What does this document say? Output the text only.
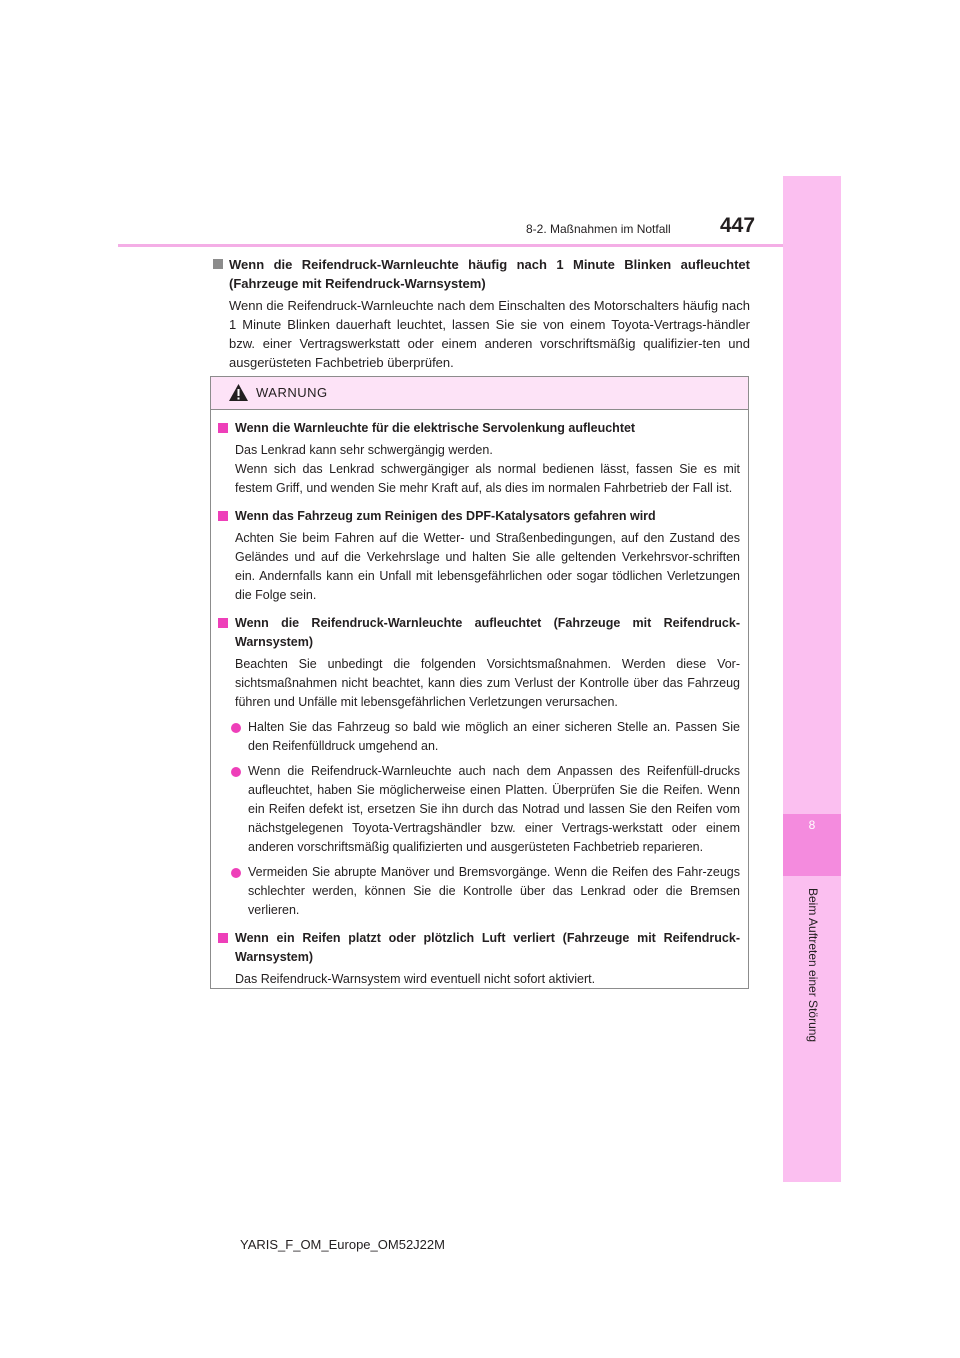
8
Beim Auftreten einer Störung
8-2. Maßnahmen im Notfall 447
Wenn die Reifendruck-Warnleuchte häufig nach 1 Minute Blinken aufleuchtet (Fahrzeuge mit Reifendruck-Warnsystem)
Wenn die Reifendruck-Warnleuchte nach dem Einschalten des Motorschalters häufig nach 1 Minute Blinken dauerhaft leuchtet, lassen Sie sie von einem Toyota-Vertrags-händler bzw. einer Vertragswerkstatt oder einem anderen vorschriftsmäßig qualifizier-ten und ausgerüsteten Fachbetrieb überprüfen.
WARNUNG
Wenn die Warnleuchte für die elektrische Servolenkung aufleuchtet
Das Lenkrad kann sehr schwergängig werden.
Wenn sich das Lenkrad schwergängiger als normal bedienen lässt, fassen Sie es mit festem Griff, und wenden Sie mehr Kraft auf, als dies im normalen Fahrbetrieb der Fall ist.
Wenn das Fahrzeug zum Reinigen des DPF-Katalysators gefahren wird
Achten Sie beim Fahren auf die Wetter- und Straßenbedingungen, auf den Zustand des Geländes und auf die Verkehrslage und halten Sie alle geltenden Verkehrsvor-schriften ein. Andernfalls kann ein Unfall mit lebensgefährlichen oder sogar tödlichen Verletzungen die Folge sein.
Wenn die Reifendruck-Warnleuchte aufleuchtet (Fahrzeuge mit Reifendruck-Warnsystem)
Beachten Sie unbedingt die folgenden Vorsichtsmaßnahmen. Werden diese Vor-sichtsmaßnahmen nicht beachtet, kann dies zum Verlust der Kontrolle über das Fahrzeug führen und Unfälle mit lebensgefährlichen Verletzungen verursachen.
Halten Sie das Fahrzeug so bald wie möglich an einer sicheren Stelle an. Passen Sie den Reifenfülldruck umgehend an.
Wenn die Reifendruck-Warnleuchte auch nach dem Anpassen des Reifenfüll-drucks aufleuchtet, haben Sie möglicherweise einen Platten. Überprüfen Sie die Reifen. Wenn ein Reifen defekt ist, ersetzen Sie ihn durch das Notrad und lassen Sie den Reifen vom nächstgelegenen Toyota-Vertragshändler bzw. einer Vertrags-werkstatt oder einem anderen vorschriftsmäßig qualifizierten und ausgerüsteten Fachbetrieb reparieren.
Vermeiden Sie abrupte Manöver und Bremsvorgänge. Wenn die Reifen des Fahr-zeugs schlechter werden, können Sie die Kontrolle über das Lenkrad oder die Bremsen verlieren.
Wenn ein Reifen platzt oder plötzlich Luft verliert (Fahrzeuge mit Reifendruck-Warnsystem)
Das Reifendruck-Warnsystem wird eventuell nicht sofort aktiviert.
YARIS_F_OM_Europe_OM52J22M
